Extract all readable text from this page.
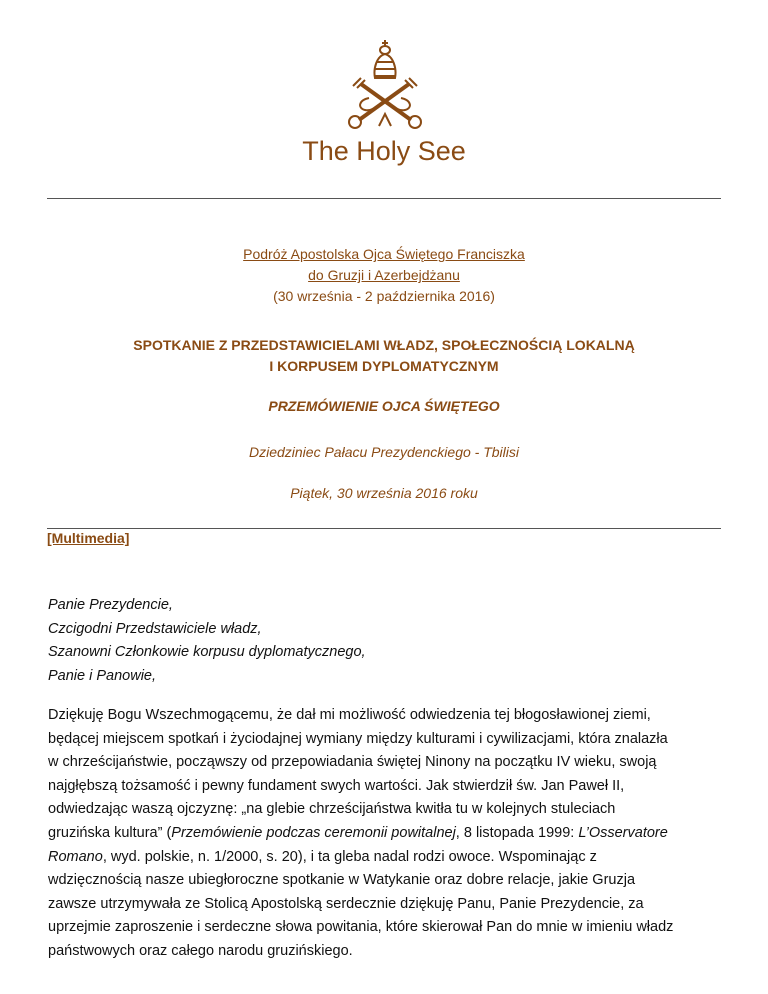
The Holy See
Podróż Apostolska Ojca Świętego Franciszka
do Gruzji i Azerbejdżanu
(30 września - 2 października 2016)
SPOTKANIE Z PRZEDSTAWICIELAMI WŁADZ, SPOŁECZNOŚCIĄ LOKALNĄ
I KORPUSEM DYPLOMATYCZNYM
PRZEMÓWIENIE OJCA ŚWIĘTEGO
Dziedziniec Pałacu Prezydenckiego - Tbilisi
Piątek, 30 września 2016 roku
[Multimedia]
Panie Prezydencie,
Czcigodni Przedstawiciele władz,
Szanowni Członkowie korpusu dyplomatycznego,
Panie i Panowie,
Dziękuję Bogu Wszechmogącemu, że dał mi możliwość odwiedzenia tej błogosławionej ziemi,
będącej miejscem spotkań i życiodajnej wymiany między kulturami i cywilizacjami, która znalazła
w chrześcijaństwie, począwszy od przepowiadania świętej Ninony na początku IV wieku, swoją
najgłębszą tożsamość i pewny fundament swych wartości. Jak stwierdził św. Jan Paweł II,
odwiedzając waszą ojczyznę: „na glebie chrześcijaństwa kwitła tu w kolejnych stuleciach
gruzińska kultura” (Przemówienie podczas ceremonii powitalnej, 8 listopada 1999: L’Osservatore
Romano, wyd. polskie, n. 1/2000, s. 20), i ta gleba nadal rodzi owoce. Wspominając z
wdzięcznością nasze ubiegłoroczne spotkanie w Watykanie oraz dobre relacje, jakie Gruzja
zawsze utrzymywała ze Stolicą Apostolską serdecznie dziękuję Panu, Panie Prezydencie, za
uprzejmie zaproszenie i serdeczne słowa powitania, które skierował Pan do mnie w imieniu władz
państwowych oraz całego narodu gruzińskiego.
